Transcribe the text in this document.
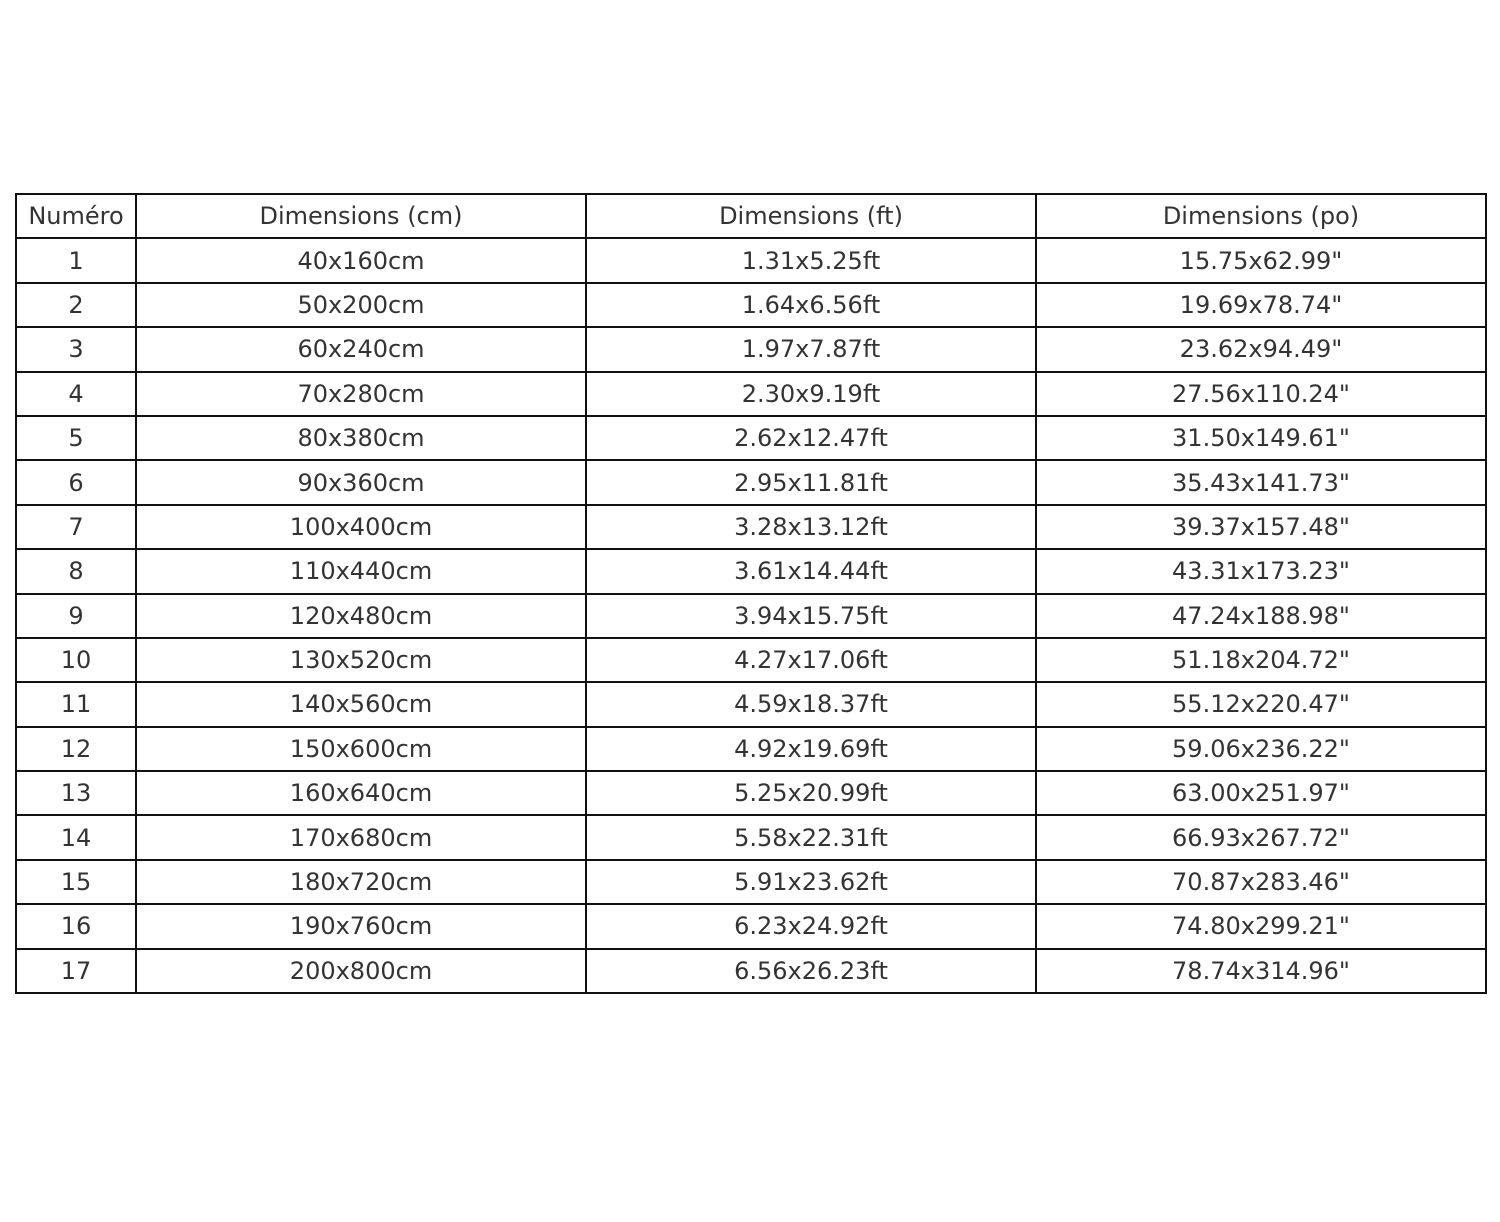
Numéro	Dimensions (cm)	Dimensions (ft)	Dimensions (po)
1	40x160cm	1.31x5.25ft	15.75x62.99"
2	50x200cm	1.64x6.56ft	19.69x78.74"
3	60x240cm	1.97x7.87ft	23.62x94.49"
4	70x280cm	2.30x9.19ft	27.56x110.24"
5	80x380cm	2.62x12.47ft	31.50x149.61"
6	90x360cm	2.95x11.81ft	35.43x141.73"
7	100x400cm	3.28x13.12ft	39.37x157.48"
8	110x440cm	3.61x14.44ft	43.31x173.23"
9	120x480cm	3.94x15.75ft	47.24x188.98"
10	130x520cm	4.27x17.06ft	51.18x204.72"
11	140x560cm	4.59x18.37ft	55.12x220.47"
12	150x600cm	4.92x19.69ft	59.06x236.22"
13	160x640cm	5.25x20.99ft	63.00x251.97"
14	170x680cm	5.58x22.31ft	66.93x267.72"
15	180x720cm	5.91x23.62ft	70.87x283.46"
16	190x760cm	6.23x24.92ft	74.80x299.21"
17	200x800cm	6.56x26.23ft	78.74x314.96"
